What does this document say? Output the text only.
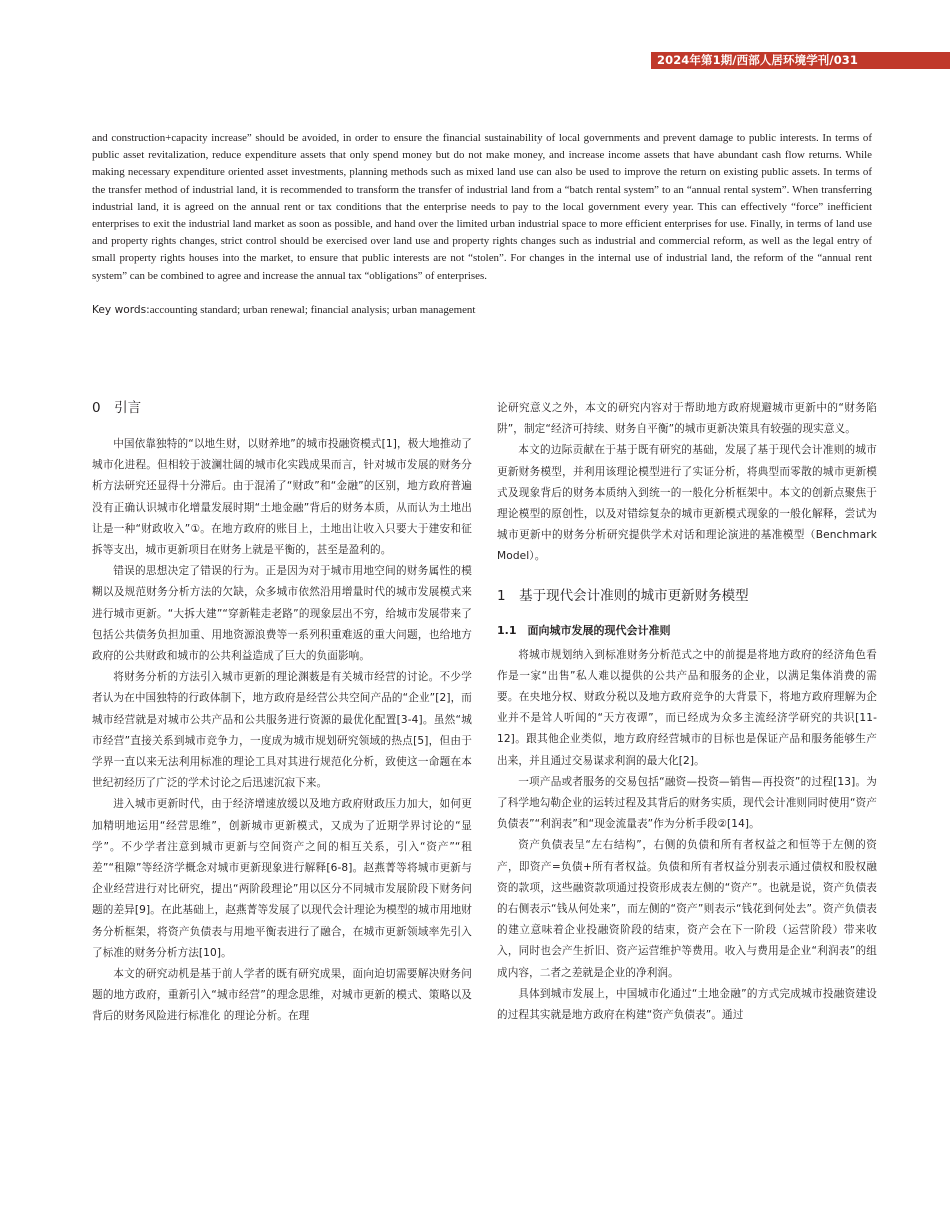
2024年第1期/西部人居环境学刊/031
and construction+capacity increase” should be avoided, in order to ensure the financial sustainability of local governments and prevent damage to public interests. In terms of public asset revitalization, reduce expenditure assets that only spend money but do not make money, and increase income assets that have abundant cash flow returns. While making necessary expenditure oriented asset investments, planning methods such as mixed land use can also be used to improve the return on existing public assets. In terms of the transfer method of industrial land, it is recommended to transform the transfer of industrial land from a “batch rental system” to an “annual rental system”. When transferring industrial land, it is agreed on the annual rent or tax conditions that the enterprise needs to pay to the local government every year. This can effectively “force” inefficient enterprises to exit the industrial land market as soon as possible, and hand over the limited urban industrial space to more efficient enterprises for use. Finally, in terms of land use and property rights changes, strict control should be exercised over land use and property rights changes such as industrial and commercial reform, as well as the legal entry of small property rights houses into the market, to ensure that public interests are not “stolen”. For changes in the internal use of industrial land, the reform of the “annual rent system” can be combined to agree and increase the annual tax “obligations” of enterprises.
Key words:accounting standard; urban renewal; financial analysis; urban management
0　引言

中国依靠独特的“以地生财，以财养地”的城市投融资模式[1]，极大地推动了城市化进程。但相较于波澜壮阔的城市化实践成果而言，针对城市发展的财务分析方法研究还显得十分滞后。由于混淆了“财政”和“金融”的区别，地方政府普遍没有正确认识城市化增量发展时期“土地金融”背后的财务本质，从而认为土地出让是一种“财政收入”①。在地方政府的账目上，土地出让收入只要大于建安和征拆等支出，城市更新项目在财务上就是平衡的，甚至是盈利的。

错误的思想决定了错误的行为。正是因为对于城市用地空间的财务属性的模糊以及规范财务分析方法的欠缺，众多城市依然沿用增量时代的城市发展模式来进行城市更新。“大拆大建”“穿新鞋走老路”的现象层出不穷，给城市发展带来了包括公共债务负担加重、用地资源浪费等一系列积重难返的重大问题，也给地方政府的公共财政和城市的公共利益造成了巨大的负面影响。

将财务分析的方法引入城市更新的理论渊薮是有关城市经营的讨论。不少学者认为在中国独特的行政体制下，地方政府是经营公共空间产品的“企业”[2]，而城市经营就是对城市公共产品和公共服务进行资源的最优化配置[3-4]。虽然“城市经营”直接关系到城市竞争力，一度成为城市规划研究领域的热点[5]，但由于学界一直以来无法利用标准的理论工具对其进行规范化分析，致使这一命题在本世纪初经历了广泛的学术讨论之后迅速沉寂下来。

进入城市更新时代，由于经济增速放缓以及地方政府财政压力加大，如何更加精明地运用“经营思维”，创新城市更新模式，又成为了近期学界讨论的“显学”。不少学者注意到城市更新与空间资产之间的相互关系，引入“资产”“租差”“租隙”等经济学概念对城市更新现象进行解释[6-8]。赵燕菁等将城市更新与企业经营进行对比研究，提出“两阶段理论”用以区分不同城市发展阶段下财务问题的差异[9]。在此基础上，赵燕菁等发展了以现代会计理论为模型的城市用地财务分析框架，将资产负债表与用地平衡表进行了融合，在城市更新领域率先引入了标准的财务分析方法[10]。

本文的研究动机是基于前人学者的既有研究成果，面向迫切需要解决财务问题的地方政府，重新引入“城市经营”的理念思维，对城市更新的模式、策略以及背后的财务风险进行标准化 的理论分析。在理

论研究意义之外，本文的研究内容对于帮助地方政府规避城市更新中的“财务陷阱”，制定“经济可持续、财务自平衡”的城市更新决策具有较强的现实意义。

本文的边际贡献在于基于既有研究的基础，发展了基于现代会计准则的城市更新财务模型，并利用该理论模型进行了实证分析，将典型而零散的城市更新模式及现象背后的财务本质纳入到统一的一般化分析框架中。本文的创新点聚焦于理论模型的原创性，以及对错综复杂的城市更新模式现象的一般化解释，尝试为城市更新中的财务分析研究提供学术对话和理论演进的基准模型（Benchmark Model）。

1　基于现代会计准则的城市更新财务模型
1.1　面向城市发展的现代会计准则

将城市规划纳入到标准财务分析范式之中的前提是将地方政府的经济角色看作是一家“出售”私人难以提供的公共产品和服务的企业，以满足集体消费的需要。在央地分权、财政分税以及地方政府竞争的大背景下，将地方政府理解为企业并不是耸人听闻的“天方夜谭”，而已经成为众多主流经济学研究的共识[11-12]。跟其他企业类似，地方政府经营城市的目标也是保证产品和服务能够生产出来，并且通过交易谋求利润的最大化[2]。

一项产品或者服务的交易包括“融资—投资—销售—再投资”的过程[13]。为了科学地勾勒企业的运转过程及其背后的财务实质，现代会计准则同时使用“资产负债表”“利润表”和“现金流量表”作为分析手段②[14]。

资产负债表呈“左右结构”，右侧的负债和所有者权益之和恒等于左侧的资产，即资产=负债+所有者权益。负债和所有者权益分别表示通过债权和股权融资的款项，这些融资款项通过投资形成表左侧的“资产”。也就是说，资产负债表的右侧表示“钱从何处来”，而左侧的“资产”则表示“钱花到何处去”。资产负债表的建立意味着企业投融资阶段的结束，资产会在下一阶段（运营阶段）带来收入，同时也会产生折旧、资产运营维护等费用。收入与费用是企业“利润表”的组成内容，二者之差就是企业的净利润。

具体到城市发展上，中国城市化通过“土地金融”的方式完成城市投融资建设的过程其实就是地方政府在构建“资产负债表”。通过
